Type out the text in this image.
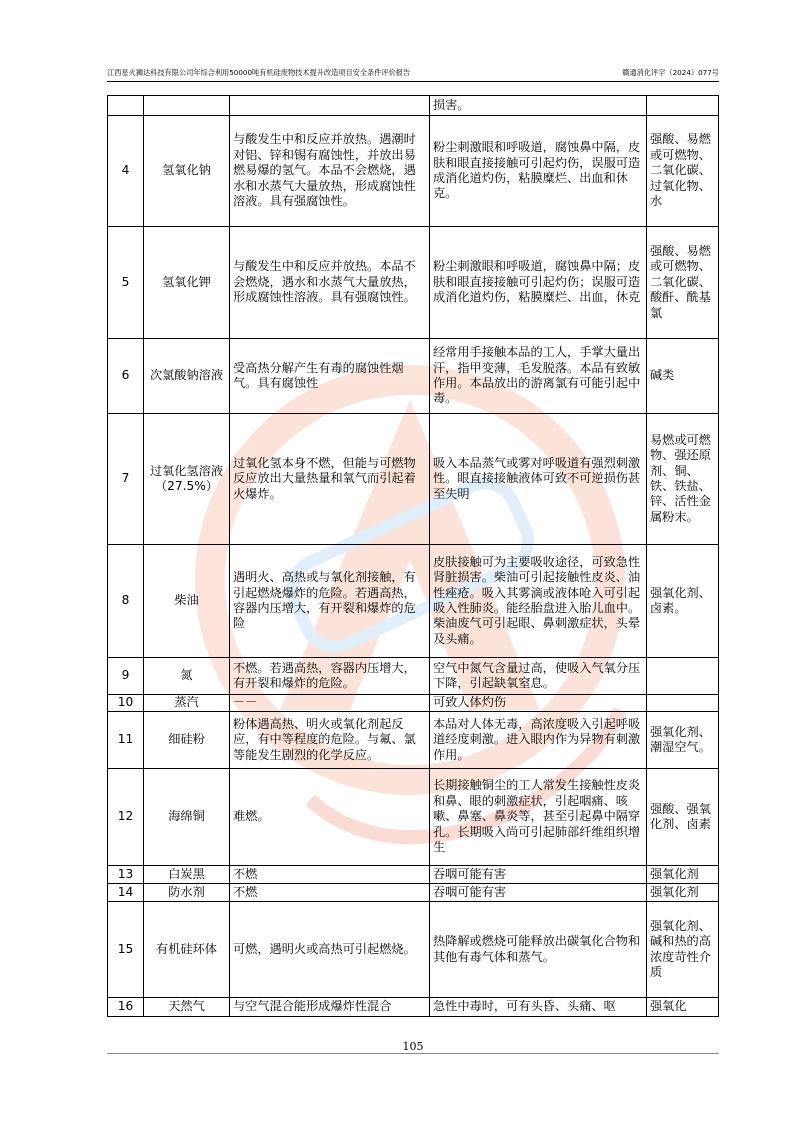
江西星火狮达科技有限公司年综合利用50000吨有机硅废物技术提升改造项目安全条件评价报告	赣通消化评字（2024）077号
			损害。	
4	氢氧化钠	与酸发生中和反应并放热。遇潮时对铝、锌和锡有腐蚀性，并放出易燃易爆的氢气。本品不会燃烧，遇水和水蒸气大量放热，形成腐蚀性溶液。具有强腐蚀性。	粉尘刺激眼和呼吸道，腐蚀鼻中隔，皮肤和眼直接接触可引起灼伤，误服可造成消化道灼伤，粘膜糜烂、出血和休克。	强酸、易燃或可燃物、二氧化碳、过氧化物、水
5	氢氧化钾	与酸发生中和反应并放热。本品不会燃烧，遇水和水蒸气大量放热，形成腐蚀性溶液。具有强腐蚀性。	粉尘刺激眼和呼吸道，腐蚀鼻中隔；皮肤和眼直接接触可引起灼伤；误服可造成消化道灼伤，粘膜糜烂、出血，休克	强酸、易燃或可燃物、二氧化碳、酸酐、酰基氯
6	次氯酸钠溶液	受高热分解产生有毒的腐蚀性烟气。具有腐蚀性	经常用手接触本品的工人，手掌大量出汗，指甲变薄，毛发脱落。本品有致敏作用。本品放出的游离氯有可能引起中毒。	碱类
7	过氧化氢溶液（27.5%）	过氧化氢本身不燃，但能与可燃物反应放出大量热量和氧气而引起着火爆炸。	吸入本品蒸气或雾对呼吸道有强烈刺激性。眼直接接触液体可致不可逆损伤甚至失明	易燃或可燃物、强还原剂、铜、铁、铁盐、锌、活性金属粉末。
8	柴油	遇明火、高热或与氧化剂接触，有引起燃烧爆炸的危险。若遇高热，容器内压增大，有开裂和爆炸的危险	皮肤接触可为主要吸收途径，可致急性肾脏损害。柴油可引起接触性皮炎、油性痤疮。吸入其雾滴或液体呛入可引起吸入性肺炎。能经胎盘进入胎儿血中。柴油废气可引起眼、鼻刺激症状，头晕及头痛。	强氧化剂、卤素。
9	氮	不燃。若遇高热，容器内压增大，有开裂和爆炸的危险。	空气中氮气含量过高，使吸入气氧分压下降，引起缺氧窒息。	
10	蒸汽	－－	可致人体灼伤	
11	细硅粉	粉体遇高热、明火或氧化剂起反应，有中等程度的危险。与氟、氯等能发生剧烈的化学反应。	本品对人体无毒，高浓度吸入引起呼吸道经度刺激。进入眼内作为异物有刺激作用。	强氧化剂、潮湿空气。
12	海绵铜	难燃。	长期接触铜尘的工人常发生接触性皮炎和鼻、眼的刺激症状，引起咽痛、咳嗽、鼻塞、鼻炎等，甚至引起鼻中隔穿孔。长期吸入尚可引起肺部纤维组织增生	强酸、强氧化剂、卤素
13	白炭黑	不燃	吞咽可能有害	强氧化剂
14	防水剂	不燃	吞咽可能有害	强氧化剂
15	有机硅环体	可燃，遇明火或高热可引起燃烧。	热降解或燃烧可能释放出碳氧化合物和其他有毒气体和蒸气。	强氧化剂、碱和热的高浓度苛性介质
16	天然气	与空气混合能形成爆炸性混合	急性中毒时，可有头昏、头痛、呕	强氧化
105
